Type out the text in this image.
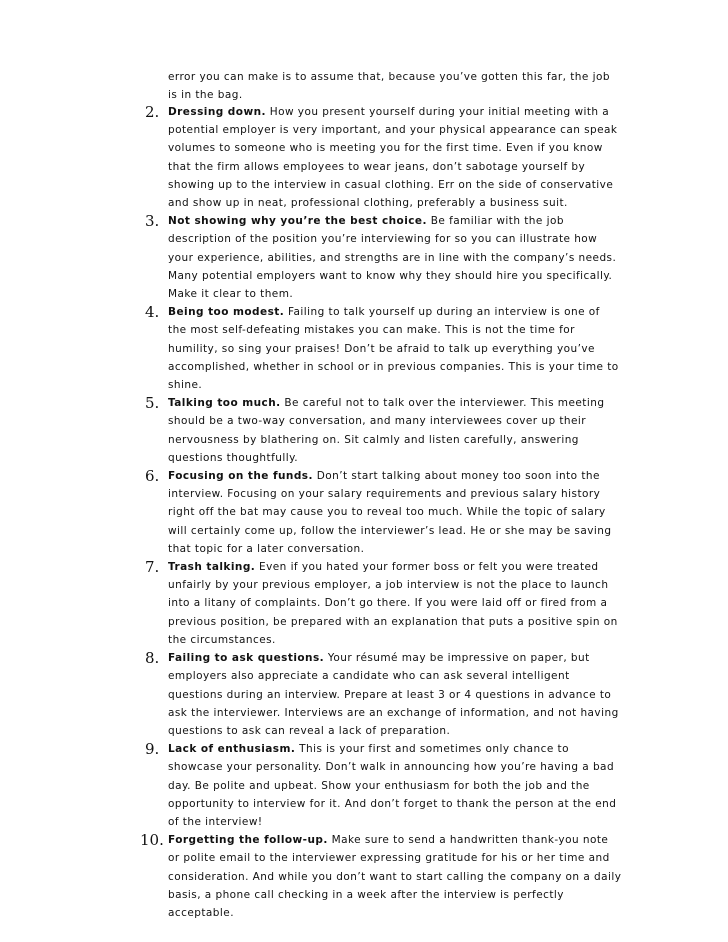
error you can make is to assume that, because you’ve gotten this far, the job is in the bag.

2. Dressing down. How you present yourself during your initial meeting with a potential employer is very important, and your physical appearance can speak volumes to someone who is meeting you for the first time. Even if you know that the firm allows employees to wear jeans, don’t sabotage yourself by showing up to the interview in casual clothing. Err on the side of conservative and show up in neat, professional clothing, preferably a business suit.

3. Not showing why you’re the best choice. Be familiar with the job description of the position you’re interviewing for so you can illustrate how your experience, abilities, and strengths are in line with the company’s needs. Many potential employers want to know why they should hire you specifically. Make it clear to them.

4. Being too modest. Failing to talk yourself up during an interview is one of the most self-defeating mistakes you can make. This is not the time for humility, so sing your praises! Don’t be afraid to talk up everything you’ve accomplished, whether in school or in previous companies. This is your time to shine.

5. Talking too much. Be careful not to talk over the interviewer. This meeting should be a two-way conversation, and many interviewees cover up their nervousness by blathering on. Sit calmly and listen carefully, answering questions thoughtfully.

6. Focusing on the funds. Don’t start talking about money too soon into the interview. Focusing on your salary requirements and previous salary history right off the bat may cause you to reveal too much. While the topic of salary will certainly come up, follow the interviewer’s lead. He or she may be saving that topic for a later conversation.

7. Trash talking. Even if you hated your former boss or felt you were treated unfairly by your previous employer, a job interview is not the place to launch into a litany of complaints. Don’t go there. If you were laid off or fired from a previous position, be prepared with an explanation that puts a positive spin on the circumstances.

8. Failing to ask questions. Your résumé may be impressive on paper, but employers also appreciate a candidate who can ask several intelligent questions during an interview. Prepare at least 3 or 4 questions in advance to ask the interviewer. Interviews are an exchange of information, and not having questions to ask can reveal a lack of preparation.

9. Lack of enthusiasm. This is your first and sometimes only chance to showcase your personality. Don’t walk in announcing how you’re having a bad day. Be polite and upbeat. Show your enthusiasm for both the job and the opportunity to interview for it. And don’t forget to thank the person at the end of the interview!

10. Forgetting the follow-up. Make sure to send a handwritten thank-you note or polite email to the interviewer expressing gratitude for his or her time and consideration. And while you don’t want to start calling the company on a daily basis, a phone call checking in a week after the interview is perfectly acceptable.
